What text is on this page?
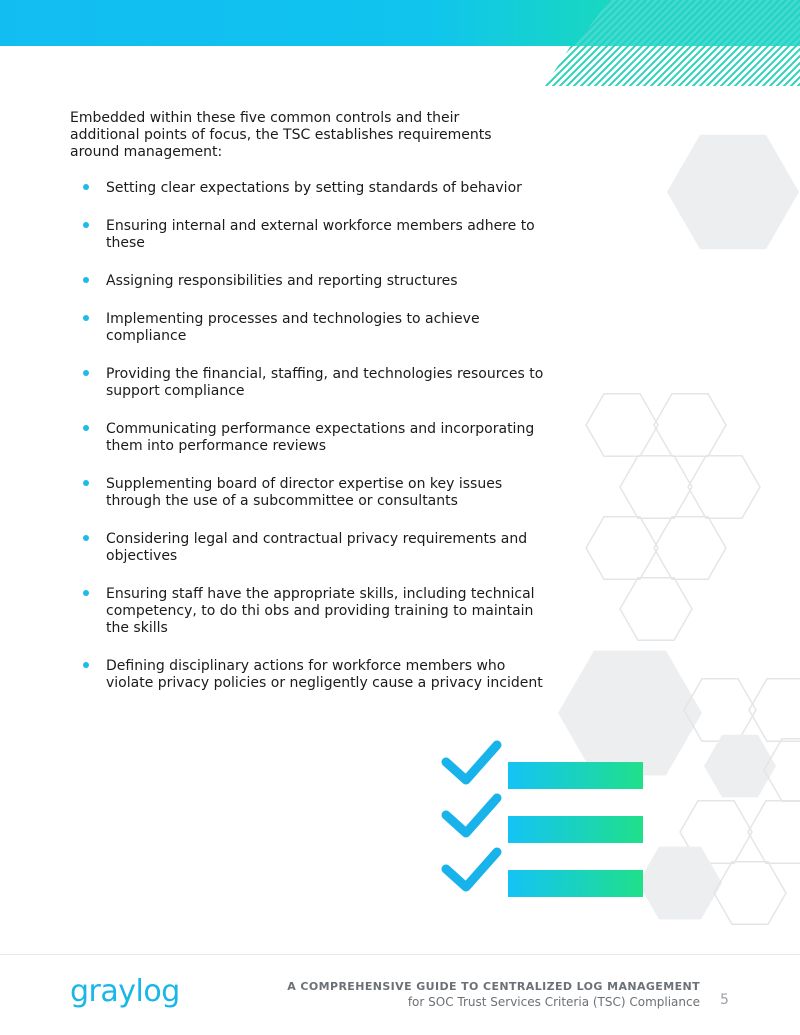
Embedded within these five common controls and their additional points of focus, the TSC establishes requirements around management:

Setting clear expectations by setting standards of behavior
Ensuring internal and external workforce members adhere to these
Assigning responsibilities and reporting structures
Implementing processes and technologies to achieve compliance
Providing the financial, staffing, and technologies resources to support compliance
Communicating performance expectations and incorporating them into performance reviews
Supplementing board of director expertise on key issues through the use of a subcommittee or consultants
Considering legal and contractual privacy requirements and objectives
Ensuring staff have the appropriate skills, including technical competency, to do thi obs and providing training to maintain the skills
Defining disciplinary actions for workforce members who violate privacy policies or negligently cause a privacy incident
graylog	A COMPREHENSIVE GUIDE TO CENTRALIZED LOG MANAGEMENT
for SOC Trust Services Criteria (TSC) Compliance 5
